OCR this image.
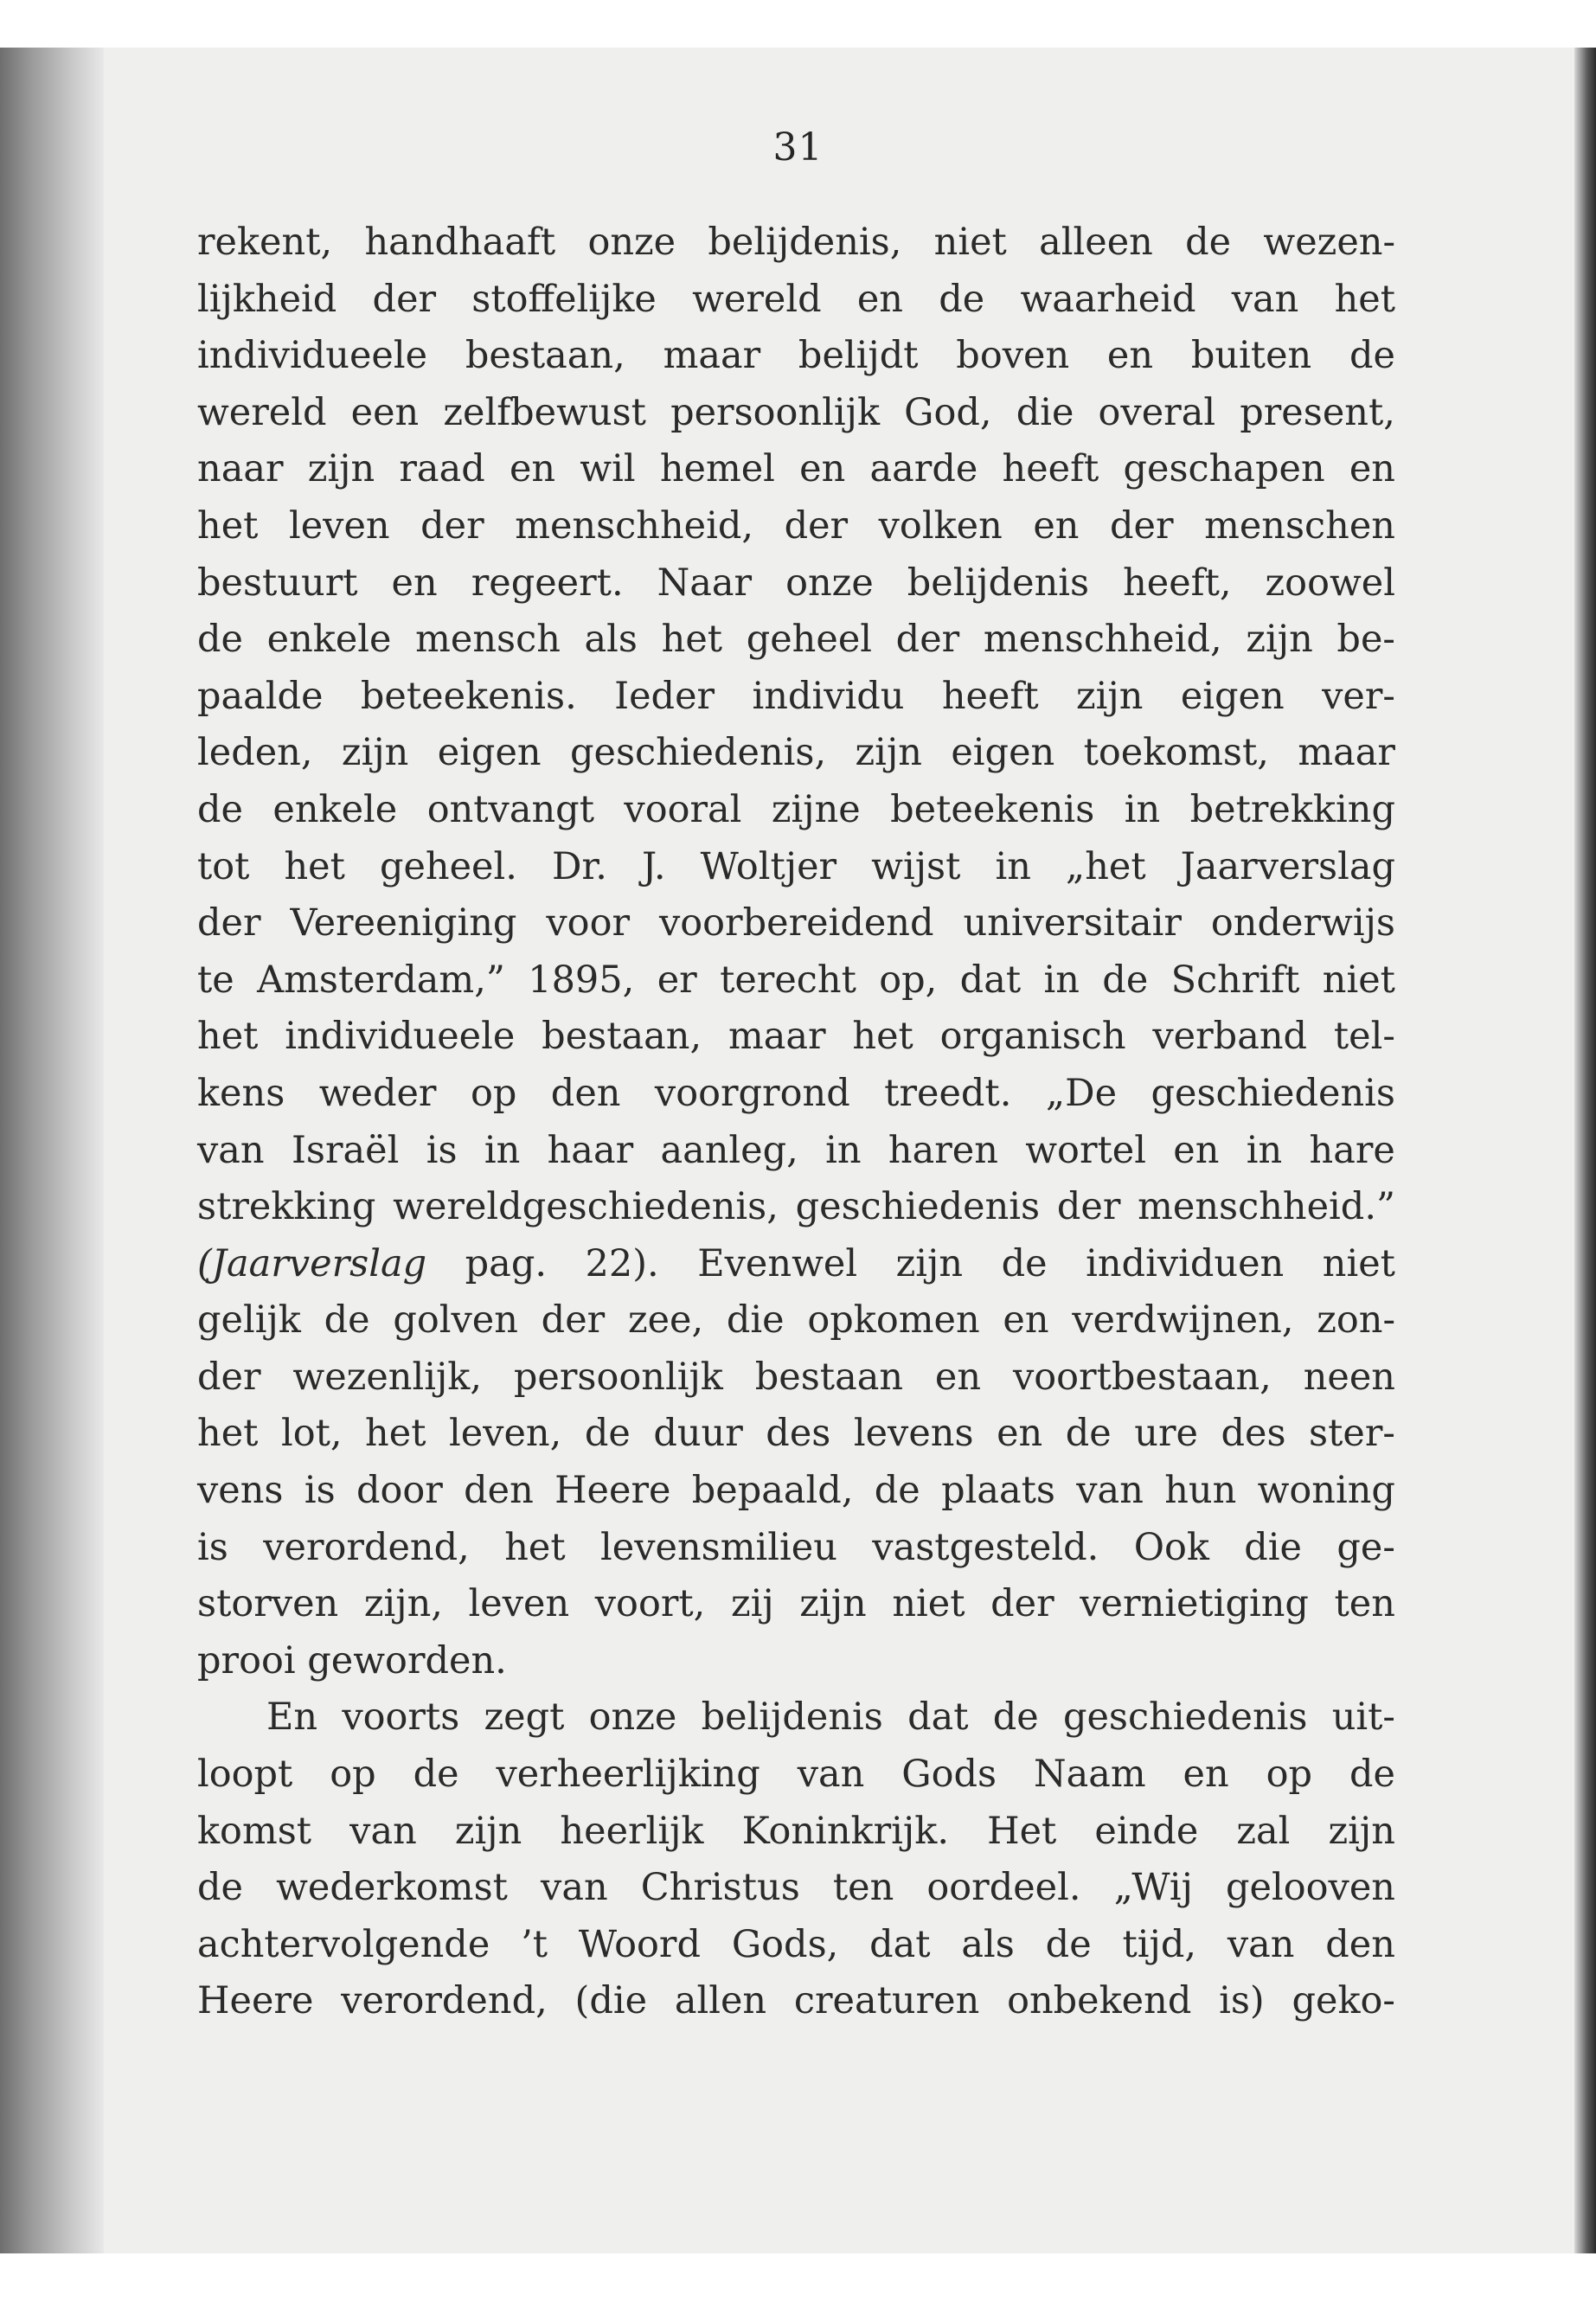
31
rekent, handhaaft onze belijdenis, niet alleen de wezen-
lijkheid der stoffelijke wereld en de waarheid van het
individueele bestaan, maar belijdt boven en buiten de
wereld een zelfbewust persoonlijk God, die overal present,
naar zijn raad en wil hemel en aarde heeft geschapen en
het leven der menschheid, der volken en der menschen
bestuurt en regeert. Naar onze belijdenis heeft, zoowel
de enkele mensch als het geheel der menschheid, zijn be-
paalde beteekenis. Ieder individu heeft zijn eigen ver-
leden, zijn eigen geschiedenis, zijn eigen toekomst, maar
de enkele ontvangt vooral zijne beteekenis in betrekking
tot het geheel. Dr. J. Woltjer wijst in „het Jaarverslag
der Vereeniging voor voorbereidend universitair onderwijs
te Amsterdam,” 1895, er terecht op, dat in de Schrift niet
het individueele bestaan, maar het organisch verband tel-
kens weder op den voorgrond treedt. „De geschiedenis
van Israël is in haar aanleg, in haren wortel en in hare
strekking wereldgeschiedenis, geschiedenis der menschheid.”
(Jaarverslag pag. 22). Evenwel zijn de individuen niet
gelijk de golven der zee, die opkomen en verdwijnen, zon-
der wezenlijk, persoonlijk bestaan en voortbestaan, neen
het lot, het leven, de duur des levens en de ure des ster-
vens is door den Heere bepaald, de plaats van hun woning
is verordend, het levensmilieu vastgesteld. Ook die ge-
storven zijn, leven voort, zij zijn niet der vernietiging ten
prooi geworden.
En voorts zegt onze belijdenis dat de geschiedenis uit-
loopt op de verheerlijking van Gods Naam en op de
komst van zijn heerlijk Koninkrijk. Het einde zal zijn
de wederkomst van Christus ten oordeel. „Wij gelooven
achtervolgende ’t Woord Gods, dat als de tijd, van den
Heere verordend, (die allen creaturen onbekend is) geko-
